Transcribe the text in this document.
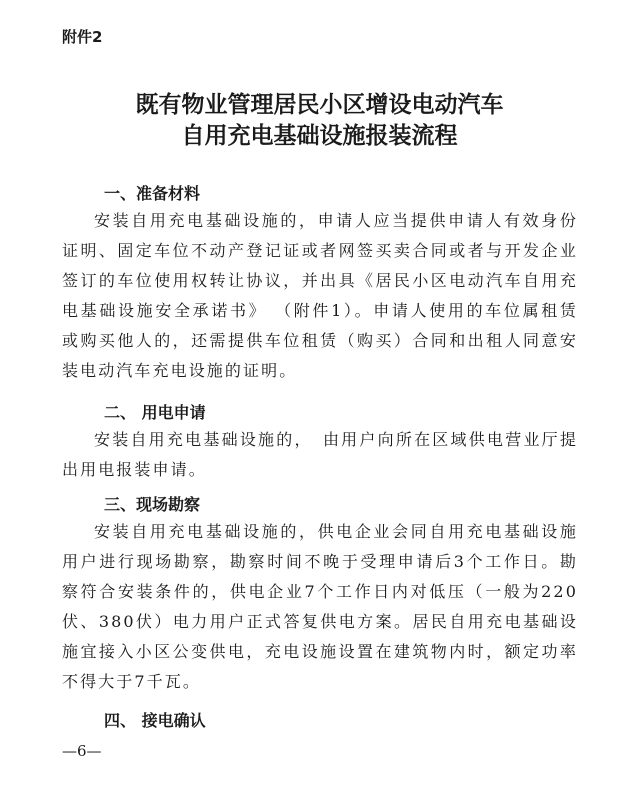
附件2
既有物业管理居民小区增设电动汽车
自用充电基础设施报装流程
一、准备材料
安装自用充电基础设施的，申请人应当提供申请人有效身份证明、固定车位不动产登记证或者网签买卖合同或者与开发企业签订的车位使用权转让协议，并出具《居民小区电动汽车自用充电基础设施安全承诺书》 （附件1）。申请人使用的车位属租赁或购买他人的，还需提供车位租赁（购买）合同和出租人同意安装电动汽车充电设施的证明。
二、 用电申请
安装自用充电基础设施的，　由用户向所在区域供电营业厅提出用电报装申请。
三、现场勘察
安装自用充电基础设施的，供电企业会同自用充电基础设施用户进行现场勘察，勘察时间不晚于受理申请后3个工作日。勘察符合安装条件的，供电企业7个工作日内对低压（一般为220伏、380伏）电力用户正式答复供电方案。居民自用充电基础设施宜接入小区公变供电，充电设施设置在建筑物内时，额定功率不得大于7千瓦。
四、 接电确认
—6—
